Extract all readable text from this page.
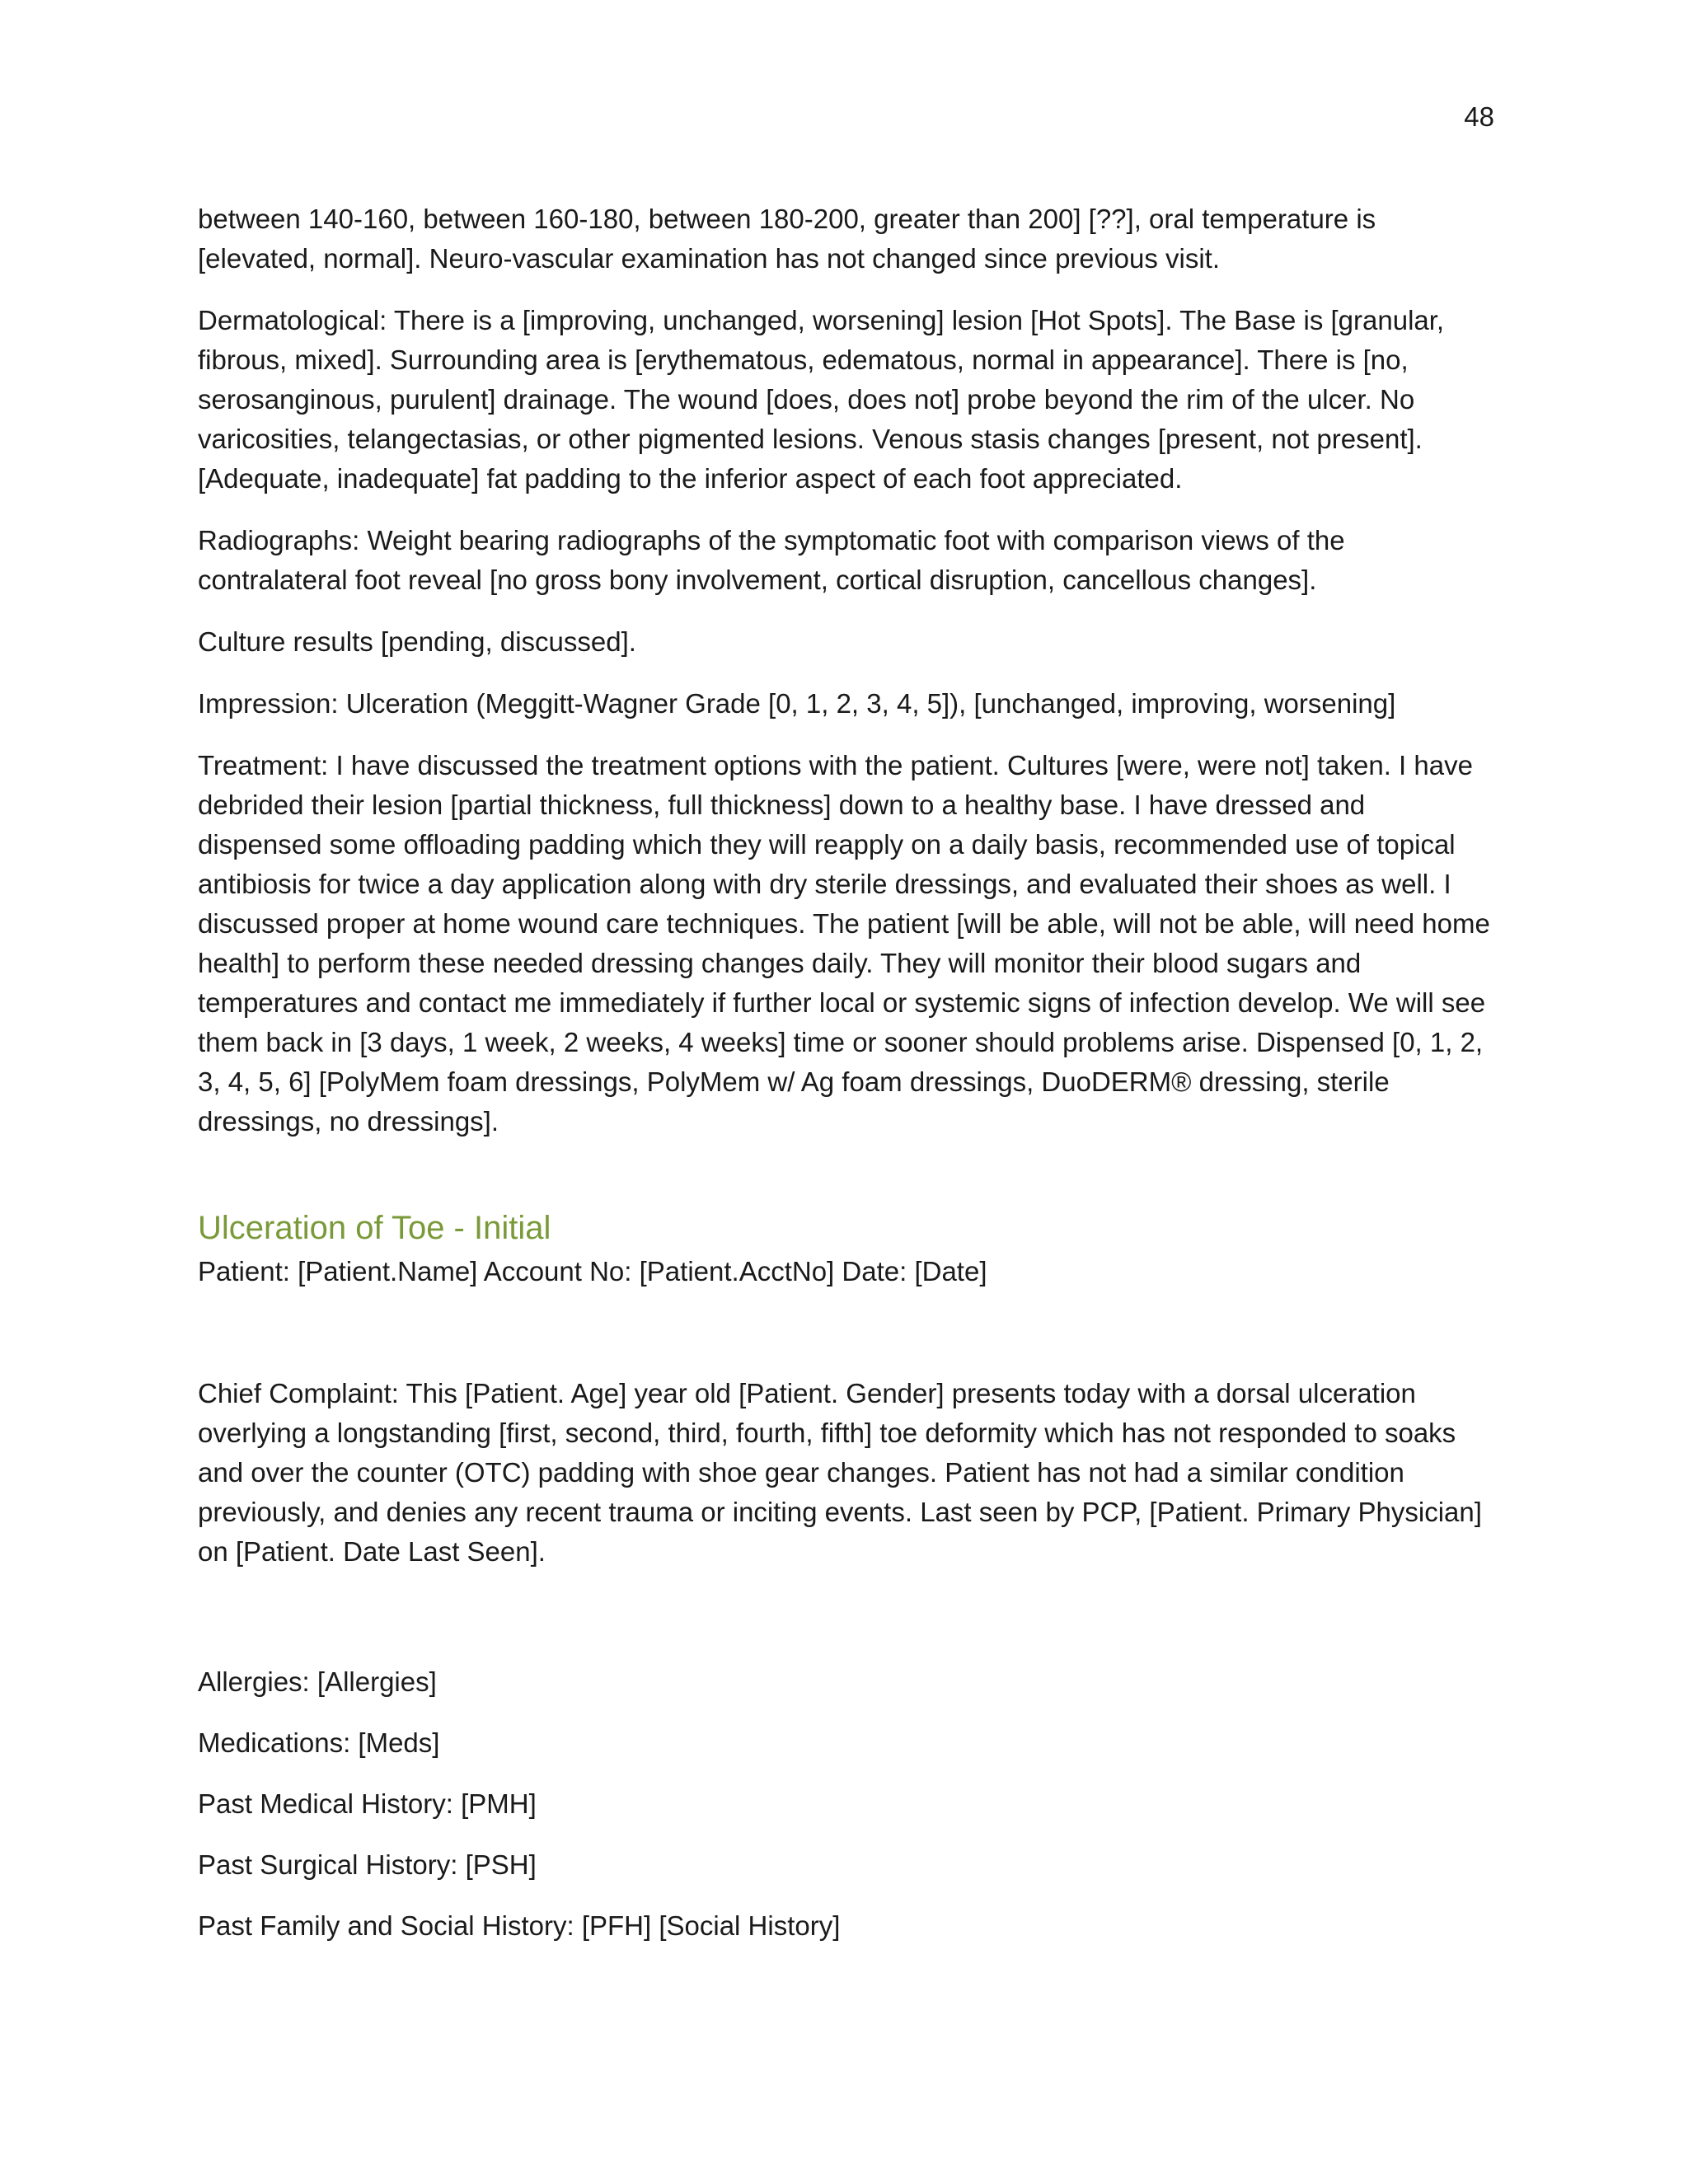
48

between 140-160, between 160-180, between 180-200, greater than 200] [??], oral temperature is [elevated, normal]. Neuro-vascular examination has not changed since previous visit.

Dermatological: There is a [improving, unchanged, worsening] lesion [Hot Spots]. The Base is [granular, fibrous, mixed]. Surrounding area is [erythematous, edematous, normal in appearance]. There is [no, serosanginous, purulent] drainage. The wound [does, does not] probe beyond the rim of the ulcer. No varicosities, telangectasias, or other pigmented lesions. Venous stasis changes [present, not present]. [Adequate, inadequate] fat padding to the inferior aspect of each foot appreciated.

Radiographs: Weight bearing radiographs of the symptomatic foot with comparison views of the contralateral foot reveal [no gross bony involvement, cortical disruption, cancellous changes].

Culture results [pending, discussed].

Impression: Ulceration (Meggitt-Wagner Grade [0, 1, 2, 3, 4, 5]), [unchanged, improving, worsening]

Treatment: I have discussed the treatment options with the patient. Cultures [were, were not] taken. I have debrided their lesion [partial thickness, full thickness] down to a healthy base. I have dressed and dispensed some offloading padding which they will reapply on a daily basis, recommended use of topical antibiosis for twice a day application along with dry sterile dressings, and evaluated their shoes as well. I discussed proper at home wound care techniques. The patient [will be able, will not be able, will need home health] to perform these needed dressing changes daily. They will monitor their blood sugars and temperatures and contact me immediately if further local or systemic signs of infection develop. We will see them back in [3 days, 1 week, 2 weeks, 4 weeks] time or sooner should problems arise. Dispensed [0, 1, 2, 3, 4, 5, 6] [PolyMem foam dressings, PolyMem w/ Ag foam dressings, DuoDERM® dressing, sterile dressings, no dressings].

Ulceration of Toe - Initial

Patient: [Patient.Name] Account No: [Patient.AcctNo] Date: [Date]

Chief Complaint: This [Patient. Age] year old [Patient. Gender] presents today with a dorsal ulceration overlying a longstanding [first, second, third, fourth, fifth] toe deformity which has not responded to soaks and over the counter (OTC) padding with shoe gear changes. Patient has not had a similar condition previously, and denies any recent trauma or inciting events. Last seen by PCP, [Patient. Primary Physician] on [Patient. Date Last Seen].

Allergies: [Allergies]

Medications: [Meds]

Past Medical History: [PMH]

Past Surgical History: [PSH]

Past Family and Social History: [PFH] [Social History]
